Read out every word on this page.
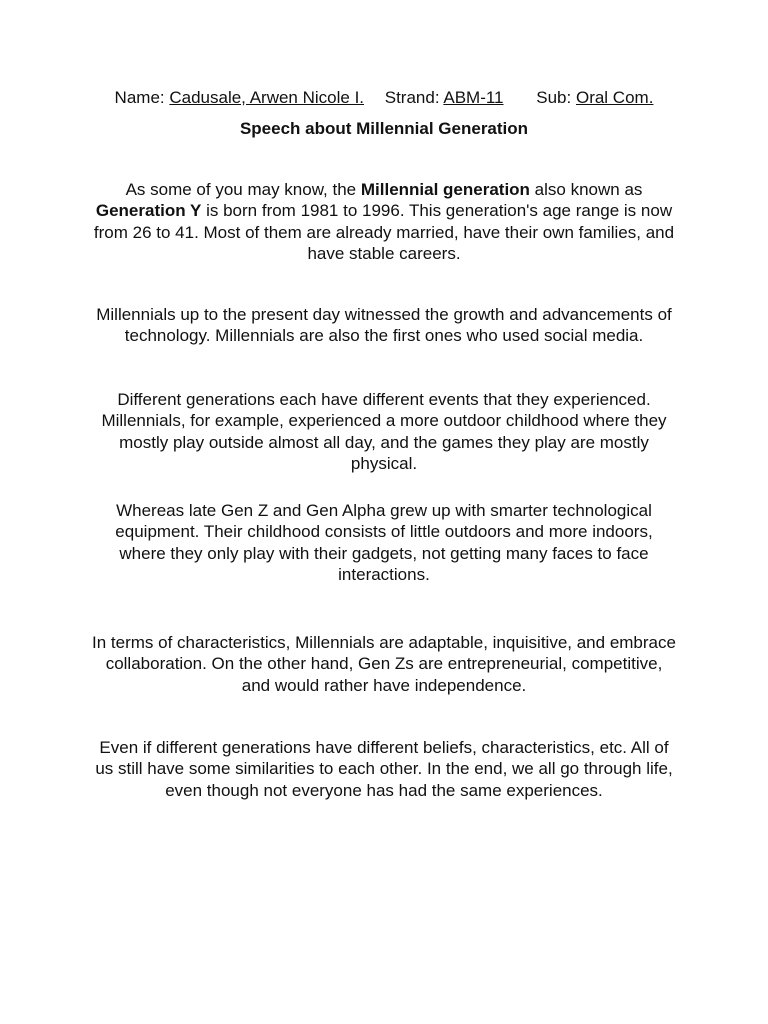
Name: Cadusale, Arwen Nicole I. Strand: ABM-11 Sub: Oral Com.
Speech about Millennial Generation

As some of you may know, the Millennial generation also known as Generation Y is born from 1981 to 1996. This generation's age range is now from 26 to 41. Most of them are already married, have their own families, and have stable careers.

Millennials up to the present day witnessed the growth and advancements of technology. Millennials are also the first ones who used social media.

Different generations each have different events that they experienced. Millennials, for example, experienced a more outdoor childhood where they mostly play outside almost all day, and the games they play are mostly physical.

Whereas late Gen Z and Gen Alpha grew up with smarter technological equipment. Their childhood consists of little outdoors and more indoors, where they only play with their gadgets, not getting many faces to face interactions.

In terms of characteristics, Millennials are adaptable, inquisitive, and embrace collaboration. On the other hand, Gen Zs are entrepreneurial, competitive, and would rather have independence.

Even if different generations have different beliefs, characteristics, etc. All of us still have some similarities to each other. In the end, we all go through life, even though not everyone has had the same experiences.
